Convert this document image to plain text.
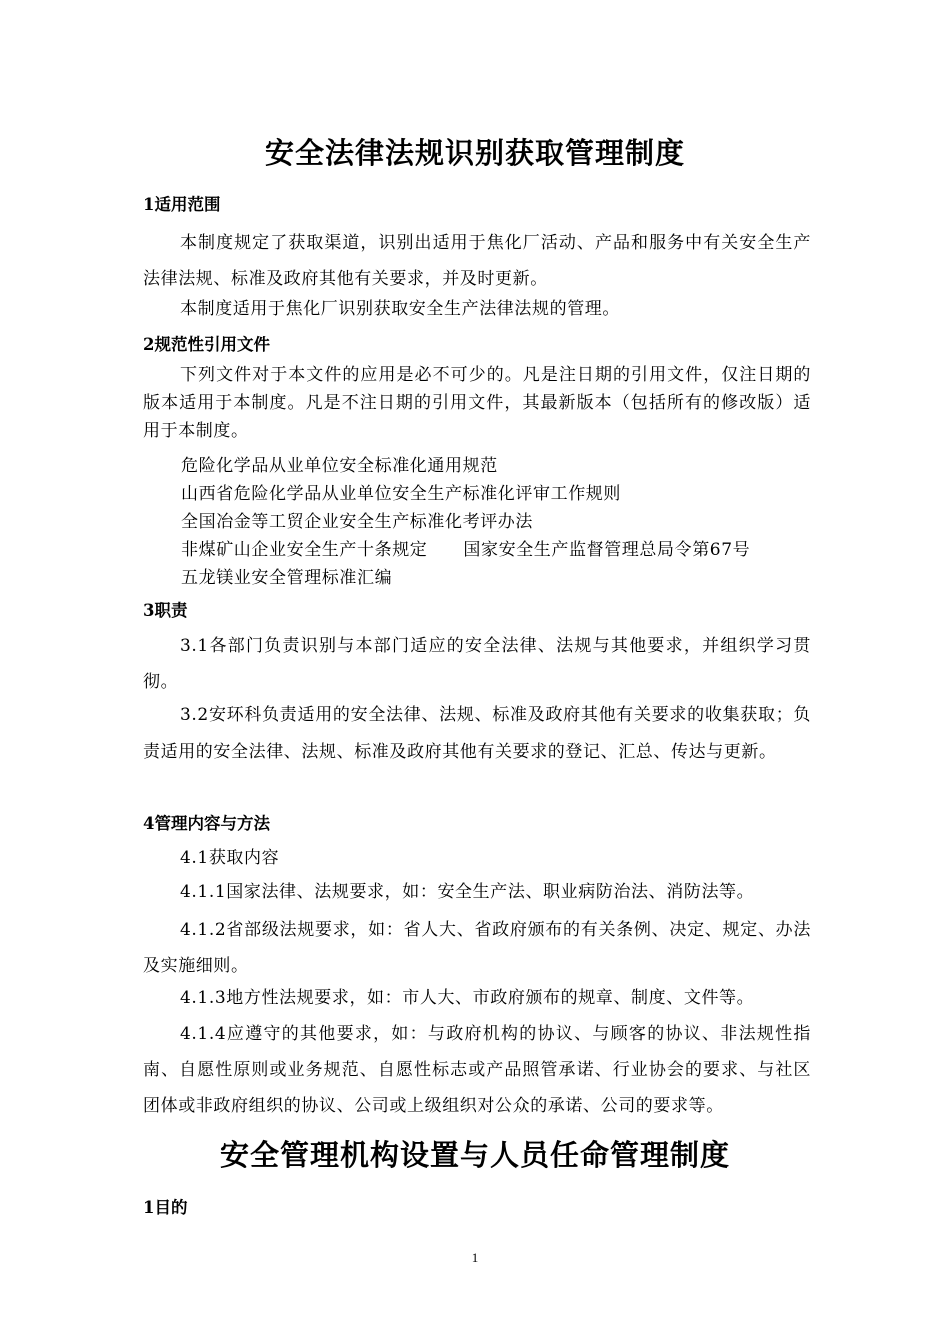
安全法律法规识别获取管理制度
1适用范围

本制度规定了获取渠道，识别出适用于焦化厂活动、产品和服务中有关安全生产法律法规、标准及政府其他有关要求，并及时更新。

本制度适用于焦化厂识别获取安全生产法律法规的管理。

2规范性引用文件

下列文件对于本文件的应用是必不可少的。凡是注日期的引用文件，仅注日期的版本适用于本制度。凡是不注日期的引用文件，其最新版本（包括所有的修改版）适用于本制度。

危险化学品从业单位安全标准化通用规范

山西省危险化学品从业单位安全生产标准化评审工作规则

全国冶金等工贸企业安全生产标准化考评办法

非煤矿山企业安全生产十条规定 国家安全生产监督管理总局令第67号

五龙镁业安全管理标准汇编

3职责

3.1各部门负责识别与本部门适应的安全法律、法规与其他要求，并组织学习贯彻。

3.2安环科负责适用的安全法律、法规、标准及政府其他有关要求的收集获取；负责适用的安全法律、法规、标准及政府其他有关要求的登记、汇总、传达与更新。

4管理内容与方法

4.1获取内容

4.1.1国家法律、法规要求，如：安全生产法、职业病防治法、消防法等。

4.1.2省部级法规要求，如：省人大、省政府颁布的有关条例、决定、规定、办法及实施细则。

4.1.3地方性法规要求，如：市人大、市政府颁布的规章、制度、文件等。

4.1.4应遵守的其他要求，如：与政府机构的协议、与顾客的协议、非法规性指南、自愿性原则或业务规范、自愿性标志或产品照管承诺、行业协会的要求、与社区团体或非政府组织的协议、公司或上级组织对公众的承诺、公司的要求等。

安全管理机构设置与人员任命管理制度
1目的
1
